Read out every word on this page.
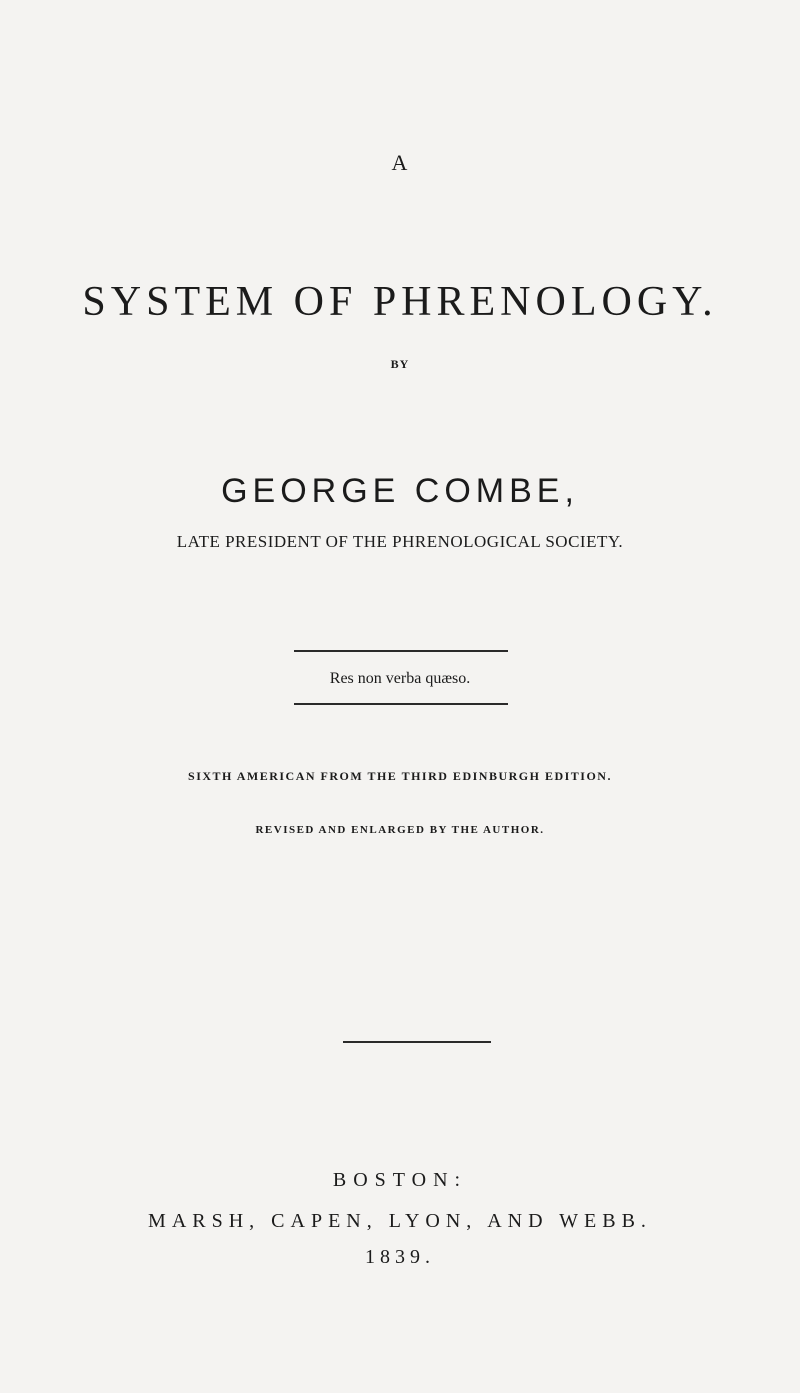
A
SYSTEM OF PHRENOLOGY.
BY
GEORGE COMBE,
LATE PRESIDENT OF THE PHRENOLOGICAL SOCIETY.
Res non verba quæso.
SIXTH AMERICAN FROM THE THIRD EDINBURGH EDITION.
REVISED AND ENLARGED BY THE AUTHOR.
BOSTON:
MARSH, CAPEN, LYON, AND WEBB.
1839.
